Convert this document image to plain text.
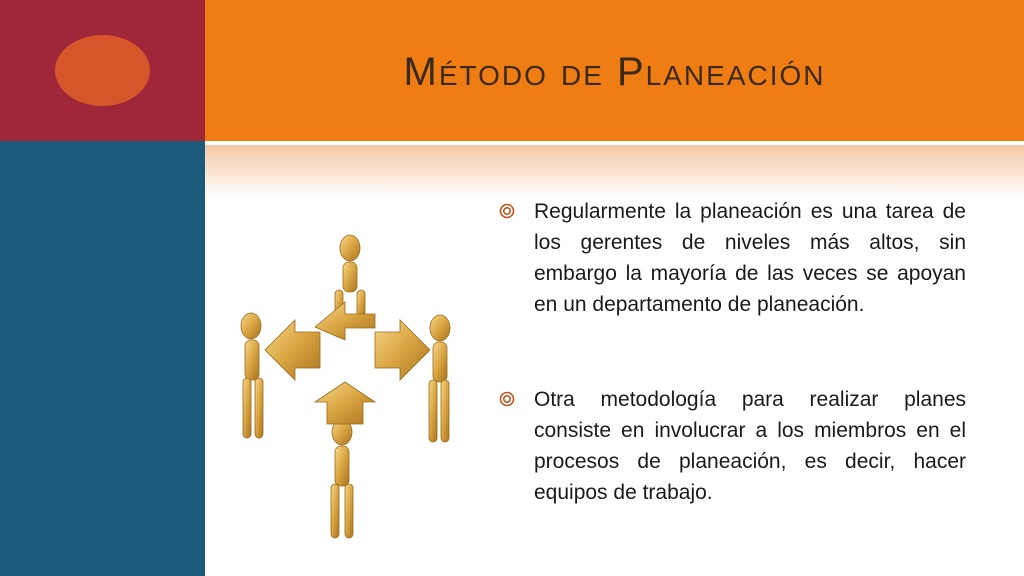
Método de Planeación
Regularmente la planeación es una tarea de los gerentes de niveles más altos, sin embargo la mayoría de las veces se apoyan en un departamento de planeación.
Otra metodología para realizar planes consiste en involucrar a los miembros en el procesos de planeación, es decir, hacer equipos de trabajo.
